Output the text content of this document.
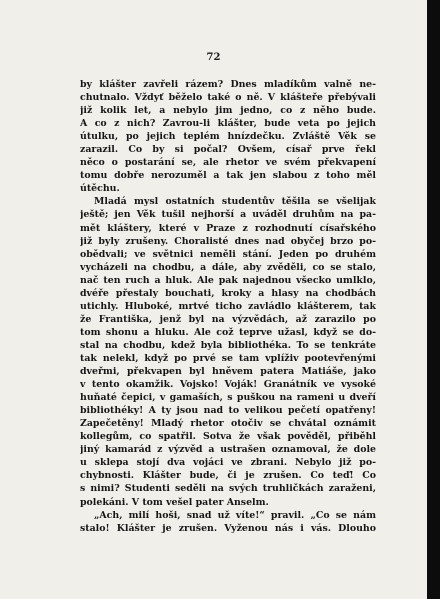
72
by klášter zavřeli rázem? Dnes mladíkům valně ne-
chutnalo. Vždyť běželo také o ně. V klášteře přebývali
již kolik let, a nebylo jim jedno, co z něho bude.
A co z nich? Zavrou-li klášter, bude veta po jejich
útulku, po jejich teplém hnízdečku. Zvláště Věk se
zarazil. Co by si počal? Ovšem, císař prve řekl
něco o postarání se, ale rhetor ve svém překvapení
tomu dobře nerozuměl a tak jen slabou z toho měl
útěchu.
Mladá mysl ostatních studentův těšila se všelijak
ještě; jen Věk tušil nejhorší a uváděl druhům na pa-
mět kláštery, které v Praze z rozhodnutí císařského
již byly zrušeny. Choralisté dnes nad obyčej brzo po-
obědvali; ve světnici neměli stání. Jeden po druhém
vycházeli na chodbu, a dále, aby zvěděli, co se stalo,
nač ten ruch a hluk. Ale pak najednou všecko umlklo,
dvéře přestaly bouchati, kroky a hlasy na chodbách
utichly. Hluboké, mrtvé ticho zavládlo klášterem, tak
že Františka, jenž byl na výzvědách, až zarazilo po
tom shonu a hluku. Ale což teprve užasl, když se do-
stal na chodbu, kdež byla bibliothéka. To se tenkráte
tak nelekl, když po prvé se tam vplíživ pootevřenými
dveřmi, překvapen byl hněvem patera Matiáše, jako
v tento okamžik. Vojsko! Voják! Granátník ve vysoké
huňaté čepici, v gamaších, s puškou na rameni u dveří
bibliothéky! A ty jsou nad to velikou pečetí opatřeny!
Zapečetěny! Mladý rhetor otočiv se chvátal oznámit
kollegům, co spatřil. Sotva že však pověděl, přiběhl
jiný kamarád z výzvěd a ustrašen oznamoval, že dole
u sklepa stojí dva vojáci ve zbrani. Nebylo již po-
chybnosti. Klášter bude, či je zrušen. Co teď! Co
s nimi? Studenti seděli na svých truhličkách zaraženi,
polekáni. V tom vešel pater Anselm.
„Ach, milí hoši, snad už víte!“ pravil. „Co se nám
stalo! Klášter je zrušen. Vyženou nás i vás. Dlouho
